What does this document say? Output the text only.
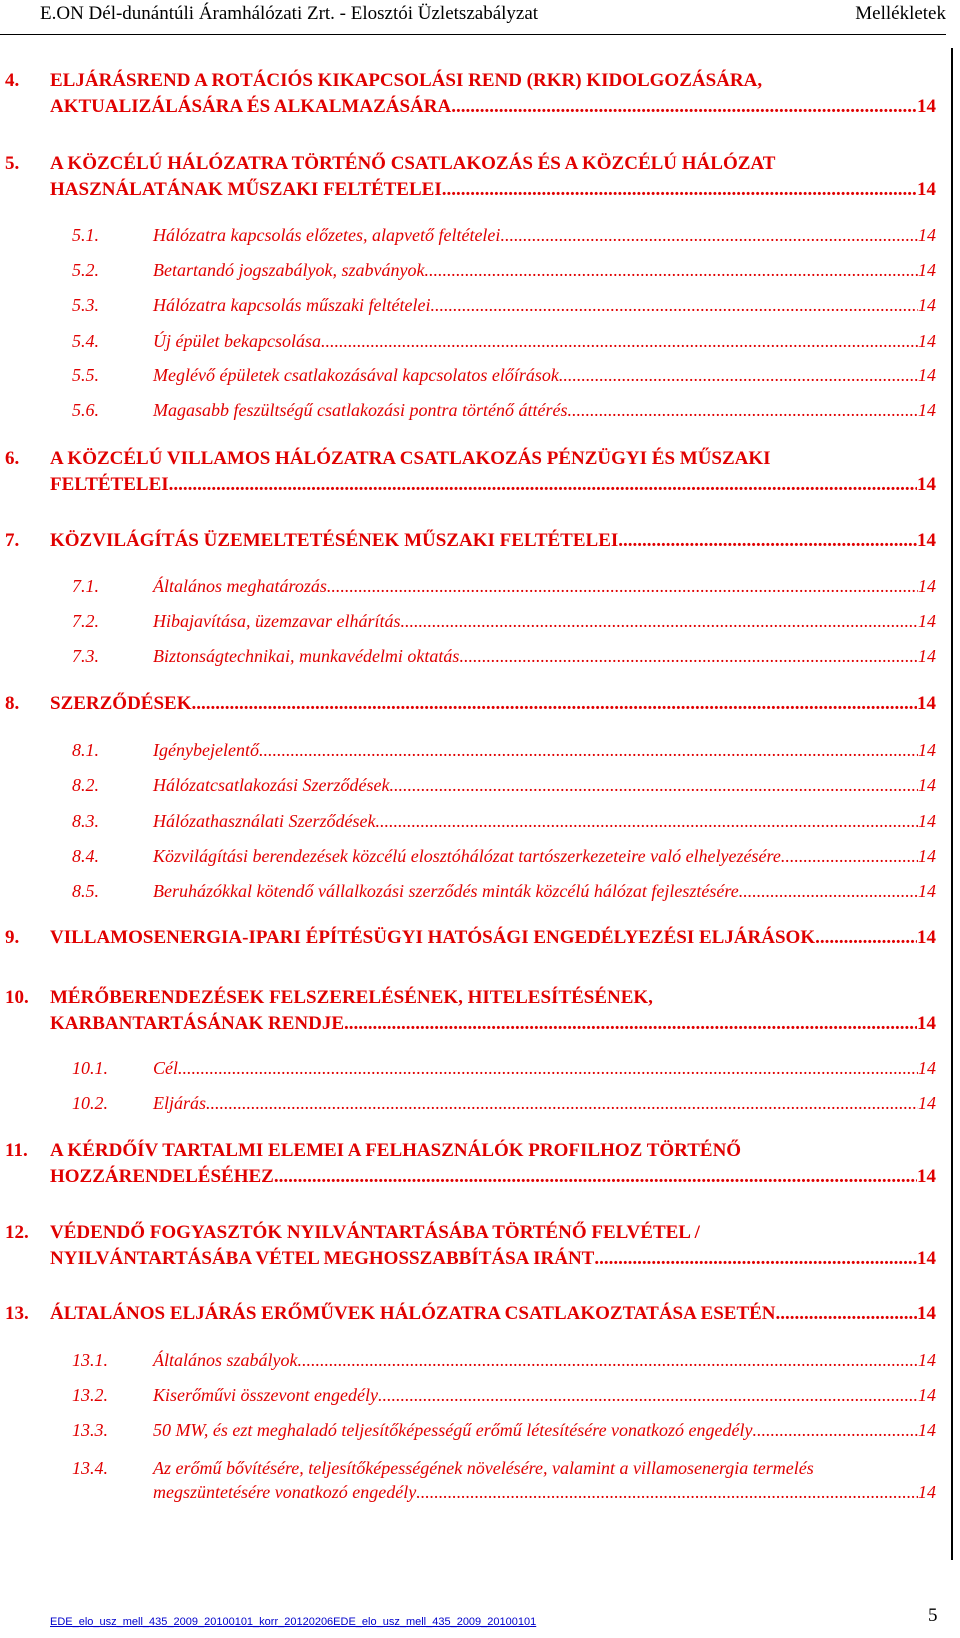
E.ON Dél-dunántúli Áramhálózati Zrt. - Elosztói Üzletszabályzat	Mellékletek
4. ELJÁRÁSREND A ROTÁCIÓS KIKAPCSOLÁSI REND (RKR) KIDOLGOZÁSÁRA,
AKTUALIZÁLÁSÁRA ÉS ALKALMAZÁSÁRA .....	14
5. A KÖZCÉLÚ HÁLÓZATRA TÖRTÉNŐ CSATLAKOZÁS ÉS A KÖZCÉLÚ HÁLÓZAT
HASZNÁLATÁNAK MŰSZAKI FELTÉTELEI .....	14
5.1.	Hálózatra kapcsolás előzetes, alapvető feltételei .....	14
5.2.	Betartandó jogszabályok, szabványok .....	14
5.3.	Hálózatra kapcsolás műszaki feltételei .....	14
5.4.	Új épület bekapcsolása .....	14
5.5.	Meglévő épületek csatlakozásával kapcsolatos előírások .....	14
5.6.	Magasabb feszültségű csatlakozási pontra történő áttérés .....	14
6. A KÖZCÉLÚ VILLAMOS HÁLÓZATRA CSATLAKOZÁS PÉNZÜGYI ÉS MŰSZAKI
FELTÉTELEI .....	14
7. KÖZVILÁGÍTÁS ÜZEMELTETÉSÉNEK MŰSZAKI FELTÉTELEI .....	14
7.1.	Általános meghatározás .....	14
7.2.	Hibajavítása, üzemzavar elhárítás .....	14
7.3.	Biztonságtechnikai, munkavédelmi oktatás .....	14
8. SZERZŐDÉSEK .....	14
8.1.	Igénybejelentő .....	14
8.2.	Hálózatcsatlakozási Szerződések .....	14
8.3.	Hálózathasználati Szerződések .....	14
8.4.	Közvilágítási berendezések közcélú elosztóhálózat tartószerkezeteire való elhelyezésére .....	14
8.5.	Beruházókkal kötendő vállalkozási szerződés minták közcélú hálózat fejlesztésére .....	14
9. VILLAMOSENERGIA-IPARI ÉPÍTÉSÜGYI HATÓSÁGI ENGEDÉLYEZÉSI ELJÁRÁSOK .....	14
10. MÉRŐBERENDEZÉSEK FELSZERELÉSÉNEK, HITELESÍTÉSÉNEK,
KARBANTARTÁSÁNAK RENDJE .....	14
10.1.	Cél .....	14
10.2.	Eljárás .....	14
11. A KÉRDŐÍV TARTALMI ELEMEI A FELHASZNÁLÓK PROFILHOZ TÖRTÉNŐ
HOZZÁRENDELÉSÉHEZ .....	14
12. VÉDENDŐ FOGYASZTÓK NYILVÁNTARTÁSÁBA TÖRTÉNŐ FELVÉTEL /
NYILVÁNTARTÁSÁBA VÉTEL MEGHOSSZABBÍTÁSA IRÁNT .....	14
13. ÁLTALÁNOS ELJÁRÁS ERŐMŰVEK HÁLÓZATRA CSATLAKOZTATÁSA ESETÉN .....	14
13.1.	Általános szabályok .....	14
13.2.	Kiserőművi összevont engedély .....	14
13.3.	50 MW, és ezt meghaladó teljesítőképességű erőmű létesítésére vonatkozó engedély .....	14
13.4.	Az erőmű bővítésére, teljesítőképességének növelésére, valamint a villamosenergia termelés
megszüntetésére vonatkozó engedély .....	14
EDE_elo_usz_mell_435_2009_20100101_korr_20120206EDE_elo_usz_mell_435_2009_20100101	5
